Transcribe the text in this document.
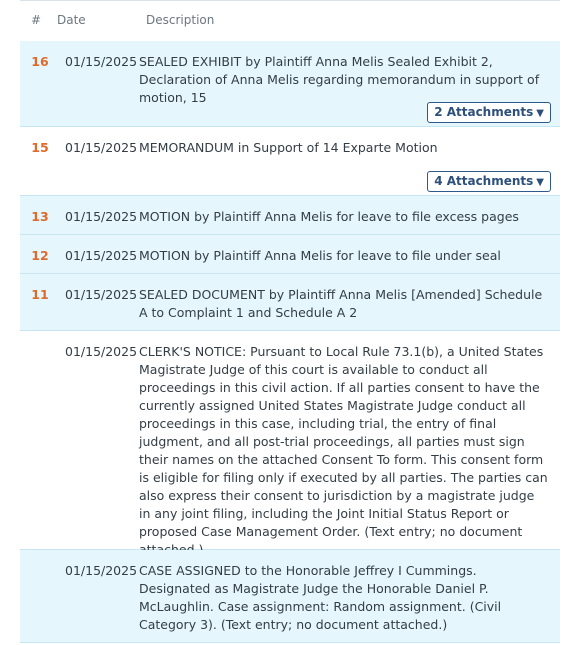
# Date	Description
16	01/15/2025 SEALED EXHIBIT by Plaintiff Anna Melis Sealed Exhibit 2, Declaration of Anna Melis regarding memorandum in support of motion, 15
2 Attachments ▼
15	01/15/2025 MEMORANDUM in Support of 14 Exparte Motion
4 Attachments ▼
13	01/15/2025 MOTION by Plaintiff Anna Melis for leave to file excess pages
12	01/15/2025 MOTION by Plaintiff Anna Melis for leave to file under seal
11	01/15/2025 SEALED DOCUMENT by Plaintiff Anna Melis [Amended] Schedule A to Complaint 1 and Schedule A 2
01/15/2025 CLERK'S NOTICE: Pursuant to Local Rule 73.1(b), a United States Magistrate Judge of this court is available to conduct all proceedings in this civil action. If all parties consent to have the currently assigned United States Magistrate Judge conduct all proceedings in this case, including trial, the entry of final judgment, and all post-trial proceedings, all parties must sign their names on the attached Consent To form. This consent form is eligible for filing only if executed by all parties. The parties can also express their consent to jurisdiction by a magistrate judge in any joint filing, including the Joint Initial Status Report or proposed Case Management Order. (Text entry; no document
01/15/2025 CASE ASSIGNED to the Honorable Jeffrey I Cummings. Designated as Magistrate Judge the Honorable Daniel P. McLaughlin. Case assignment: Random assignment. (Civil Category 3). (Text entry; no document attached.)
